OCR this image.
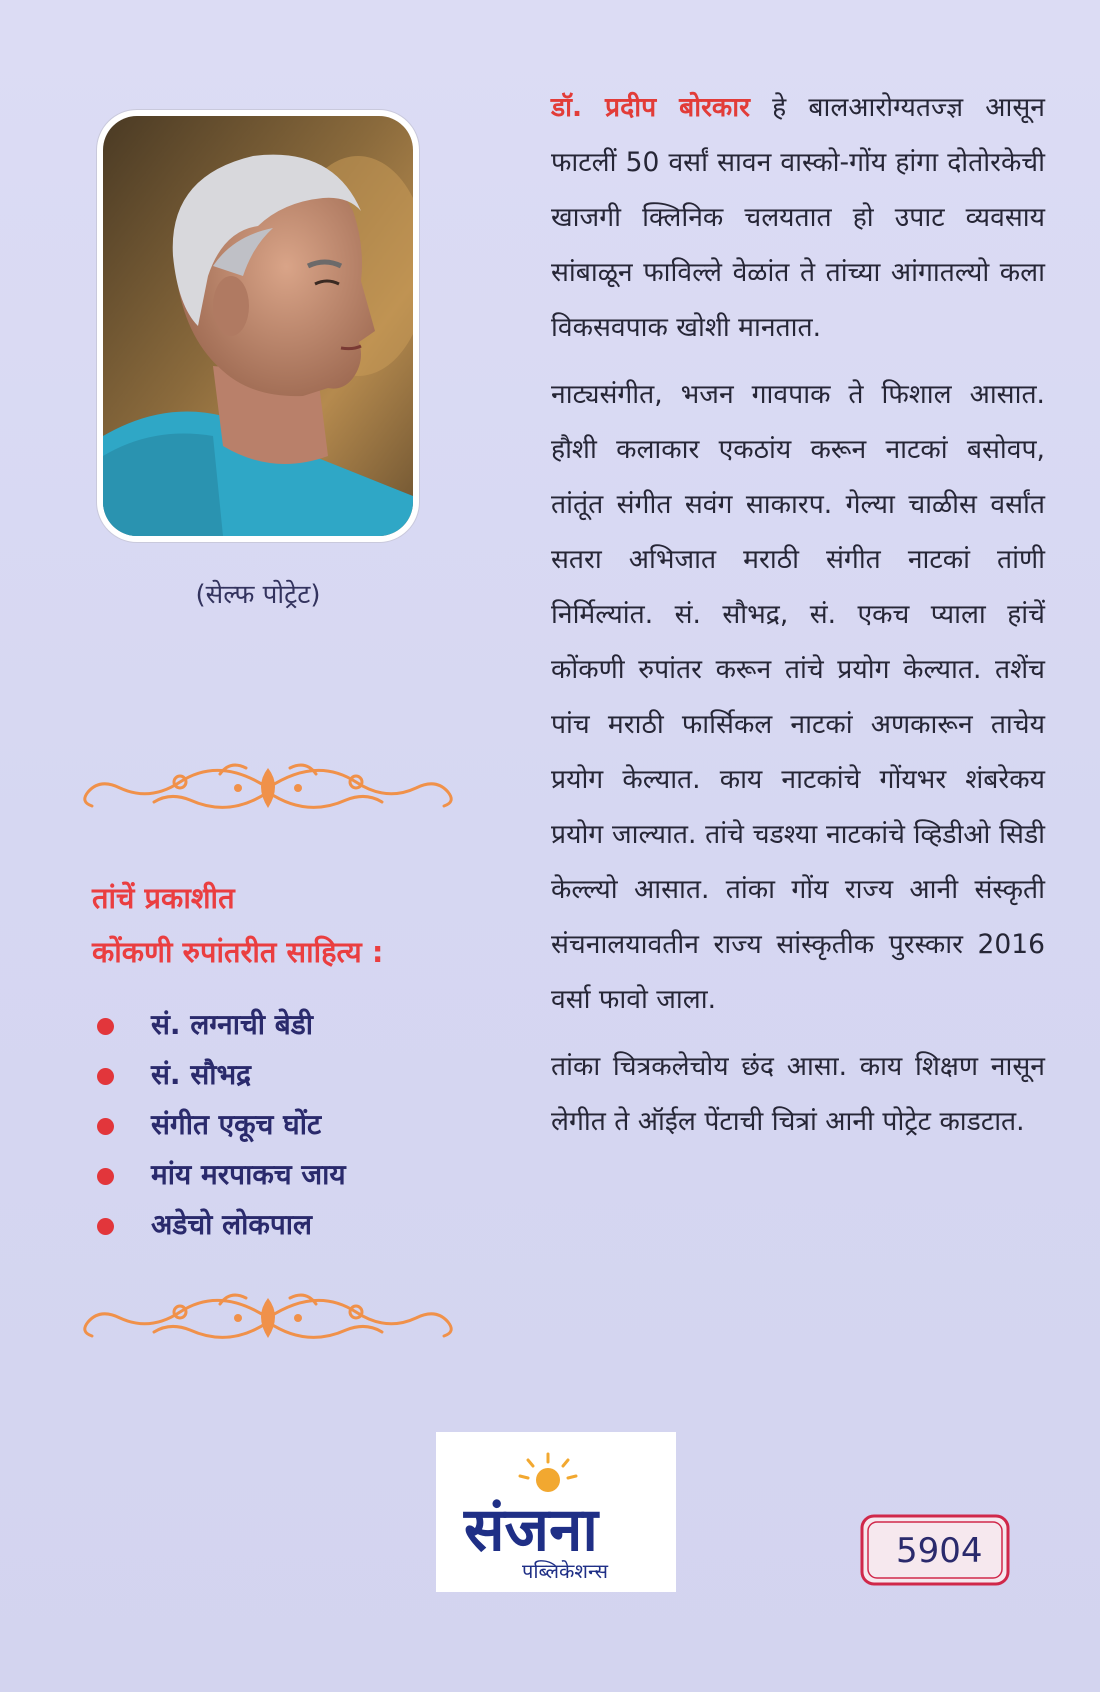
(सेल्फ पोट्रेट)
तांचें प्रकाशीत
कोंकणी रुपांतरीत साहित्य :
सं. लग्नाची बेडी
सं. सौभद्र
संगीत एकूच घोंट
मांय मरपाकच जाय
अडेचो लोकपाल

डॉ. प्रदीप बोरकार हे बालआरोग्यतज्ज्ञ आसून फाटलीं 50 वर्सां सावन वास्को-गोंय हांगा दोतोरकेची खाजगी क्लिनिक चलयतात हो उपाट व्यवसाय सांबाळून फाविल्ले वेळांत ते तांच्या आंगातल्यो कला विकसवपाक खोशी मानतात.

नाट्यसंगीत, भजन गावपाक ते फिशाल आसात. हौशी कलाकार एकठांय करून नाटकां बसोवप, तांतूंत संगीत सवंग साकारप. गेल्या चाळीस वर्सांत सतरा अभिजात मराठी संगीत नाटकां तांणी निर्मिल्यांत. सं. सौभद्र, सं. एकच प्याला हांचें कोंकणी रुपांतर करून तांचे प्रयोग केल्यात. तशेंच पांच मराठी फार्सिकल नाटकां अणकारून ताचेय प्रयोग केल्यात. काय नाटकांचे गोंयभर शंबरेकय प्रयोग जाल्यात. तांचे चडश्या नाटकांचे व्हिडीओ सिडी केल्ल्यो आसात. तांका गोंय राज्य आनी संस्कृती संचनालयावतीन राज्य सांस्कृतीक पुरस्कार 2016 वर्सा फावो जाला.

तांका चित्रकलेचोय छंद आसा. काय शिक्षण नासून लेगीत ते ऑईल पेंटाची चित्रां आनी पोट्रेट काडटात.

संजना
पब्लिकेशन्स	5904
